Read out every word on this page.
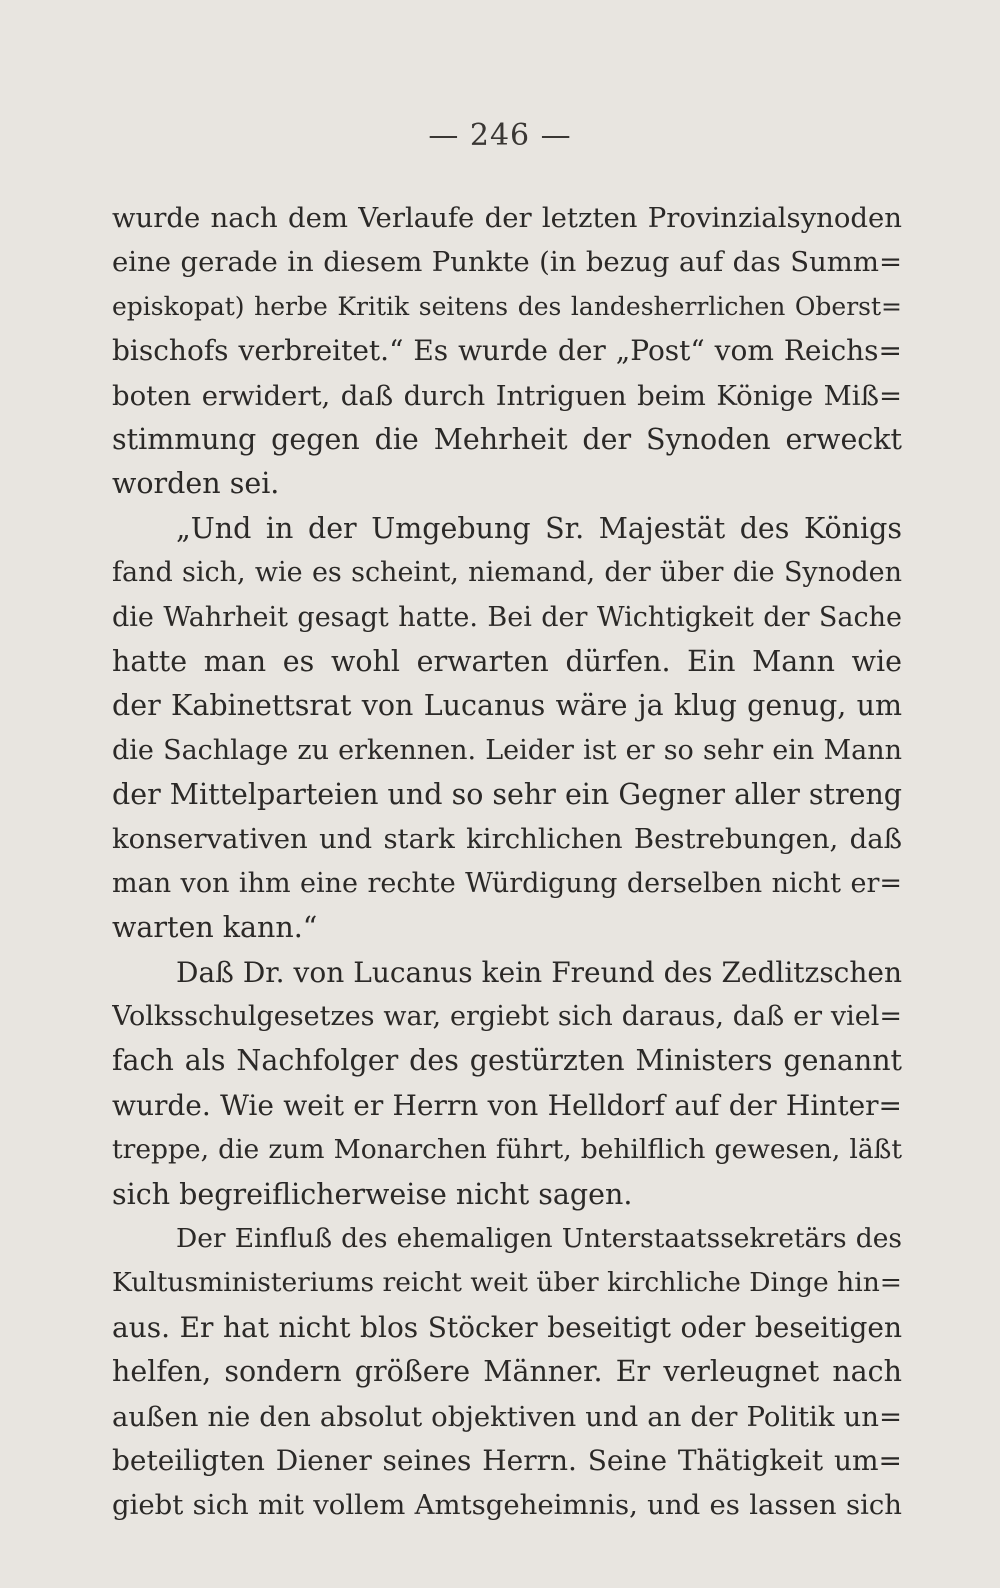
— 246 —
wurde nach dem Verlaufe der letzten Provinzialsynoden
eine gerade in diesem Punkte (in bezug auf das Summ=
episkopat) herbe Kritik seitens des landesherrlichen Oberst=
bischofs verbreitet.“ Es wurde der „Post“ vom Reichs=
boten erwidert, daß durch Intriguen beim Könige Miß=
stimmung gegen die Mehrheit der Synoden erweckt
worden sei.
„Und in der Umgebung Sr. Majestät des Königs
fand sich, wie es scheint, niemand, der über die Synoden
die Wahrheit gesagt hatte. Bei der Wichtigkeit der Sache
hatte man es wohl erwarten dürfen. Ein Mann wie
der Kabinettsrat von Lucanus wäre ja klug genug, um
die Sachlage zu erkennen. Leider ist er so sehr ein Mann
der Mittelparteien und so sehr ein Gegner aller streng
konservativen und stark kirchlichen Bestrebungen, daß
man von ihm eine rechte Würdigung derselben nicht er=
warten kann.“
Daß Dr. von Lucanus kein Freund des Zedlitzschen
Volksschulgesetzes war, ergiebt sich daraus, daß er viel=
fach als Nachfolger des gestürzten Ministers genannt
wurde. Wie weit er Herrn von Helldorf auf der Hinter=
treppe, die zum Monarchen führt, behilflich gewesen, läßt
sich begreiflicherweise nicht sagen.
Der Einfluß des ehemaligen Unterstaatssekretärs des
Kultusministeriums reicht weit über kirchliche Dinge hin=
aus. Er hat nicht blos Stöcker beseitigt oder beseitigen
helfen, sondern größere Männer. Er verleugnet nach
außen nie den absolut objektiven und an der Politik un=
beteiligten Diener seines Herrn. Seine Thätigkeit um=
giebt sich mit vollem Amtsgeheimnis, und es lassen sich
